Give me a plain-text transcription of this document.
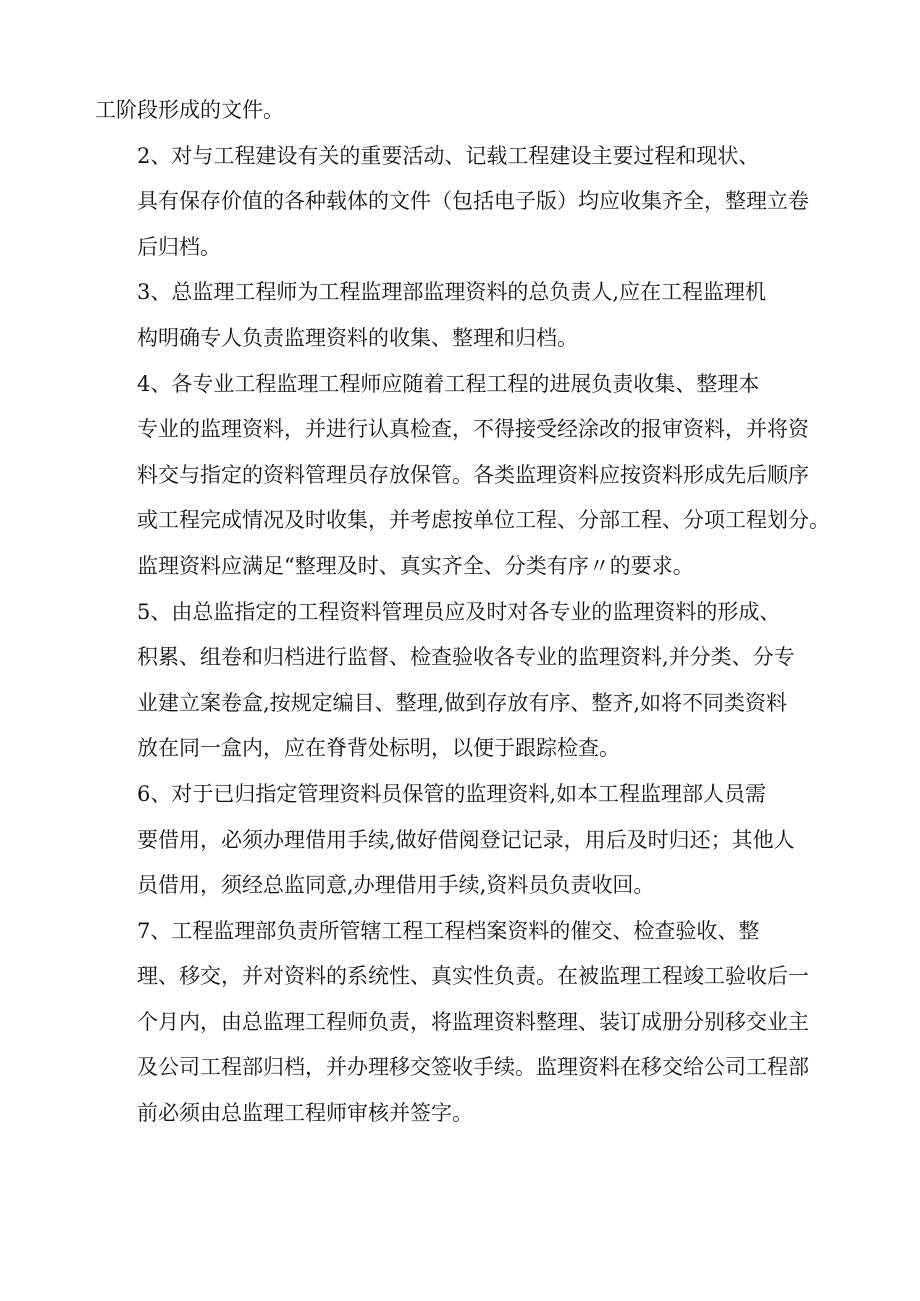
工阶段形成的文件。

2、对与工程建设有关的重要活动、记载工程建设主要过程和现状、
具有保存价值的各种载体的文件（包括电子版）均应收集齐全，整理立卷
后归档。

3、总监理工程师为工程监理部监理资料的总负责人,应在工程监理机
构明确专人负责监理资料的收集、整理和归档。

4、各专业工程监理工程师应随着工程工程的进展负责收集、整理本
专业的监理资料，并进行认真检查，不得接受经涂改的报审资料，并将资
料交与指定的资料管理员存放保管。各类监理资料应按资料形成先后顺序
或工程完成情况及时收集，并考虑按单位工程、分部工程、分项工程划分。
监理资料应满足“整理及时、真实齐全、分类有序〃的要求。

5、由总监指定的工程资料管理员应及时对各专业的监理资料的形成、
积累、组卷和归档进行监督、检查验收各专业的监理资料,并分类、分专
业建立案卷盒,按规定编目、整理,做到存放有序、整齐,如将不同类资料
放在同一盒内，应在脊背处标明，以便于跟踪检查。

6、对于已归指定管理资料员保管的监理资料,如本工程监理部人员需
要借用，必须办理借用手续,做好借阅登记记录，用后及时归还；其他人
员借用，须经总监同意,办理借用手续,资料员负责收回。

7、工程监理部负责所管辖工程工程档案资料的催交、检查验收、整
理、移交，并对资料的系统性、真实性负责。在被监理工程竣工验收后一
个月内，由总监理工程师负责，将监理资料整理、装订成册分别移交业主
及公司工程部归档，并办理移交签收手续。监理资料在移交给公司工程部
前必须由总监理工程师审核并签字。
